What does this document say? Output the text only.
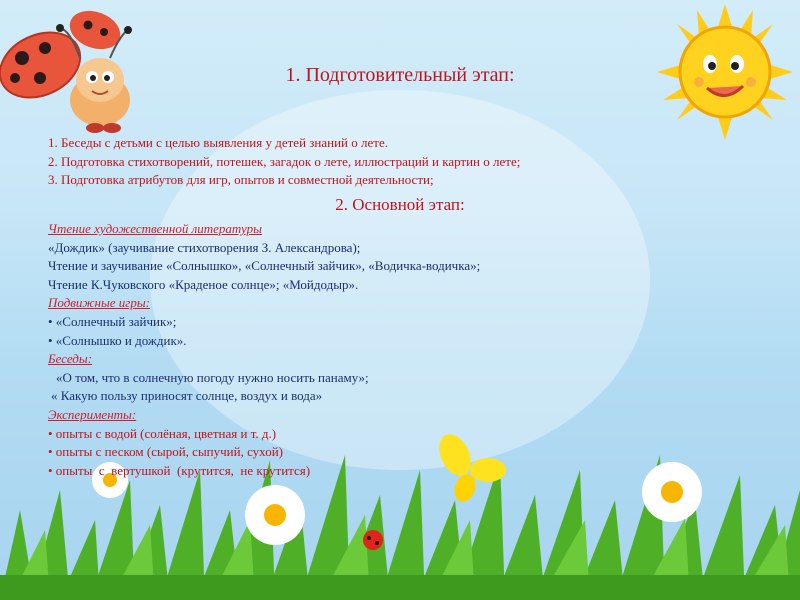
1. Подготовительный этап:
1. Беседы с детьми с целью выявления у детей знаний о лете.
2. Подготовка стихотворений, потешек, загадок о лете, иллюстраций и картин о лете;
3. Подготовка атрибутов для игр, опытов и совместной деятельности;
2. Основной этап:
Чтение художественной литературы
«Дождик» (заучивание стихотворения З. Александрова);
Чтение и заучивание «Солнышко», «Солнечный зайчик», «Водичка-водичка»;
Чтение К.Чуковского «Краденое солнце»; «Мойдодыр».
Подвижные игры:
• «Солнечный зайчик»;
• «Солнышко и дождик».
Беседы:
«О том, что в солнечную погоду нужно носить панаму»;
« Какую пользу приносят солнце, воздух и вода»
Эксперименты:
• опыты с водой (солёная, цветная и т. д.)
• опыты с песком (сырой, сыпучий, сухой)
• опыты  с  вертушкой  (крутится,  не крутится)
